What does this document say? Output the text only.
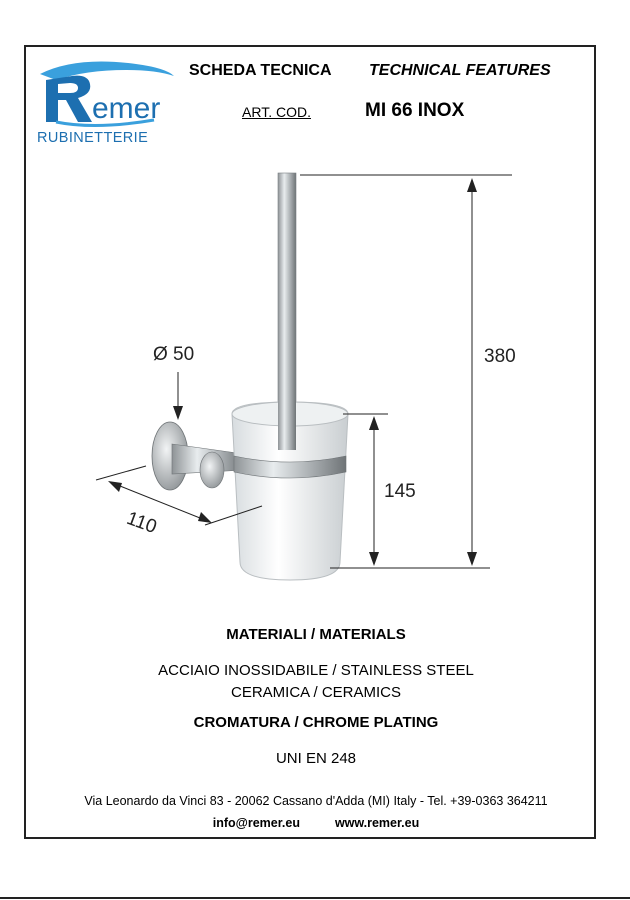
emer
RUBINETTERIE
SCHEDA TECNICA TECHNICAL FEATURES
ART. COD.	MI 66 INOX
Ø 50	380
145
110
MATERIALI / MATERIALS
ACCIAIO INOSSIDABILE / STAINLESS STEEL
CERAMICA / CERAMICS
CROMATURA / CHROME PLATING
UNI EN 248
Via Leonardo da Vinci 83 - 20062 Cassano d'Adda (MI) Italy - Tel. +39-0363 364211
info@remer.eu	www.remer.eu
